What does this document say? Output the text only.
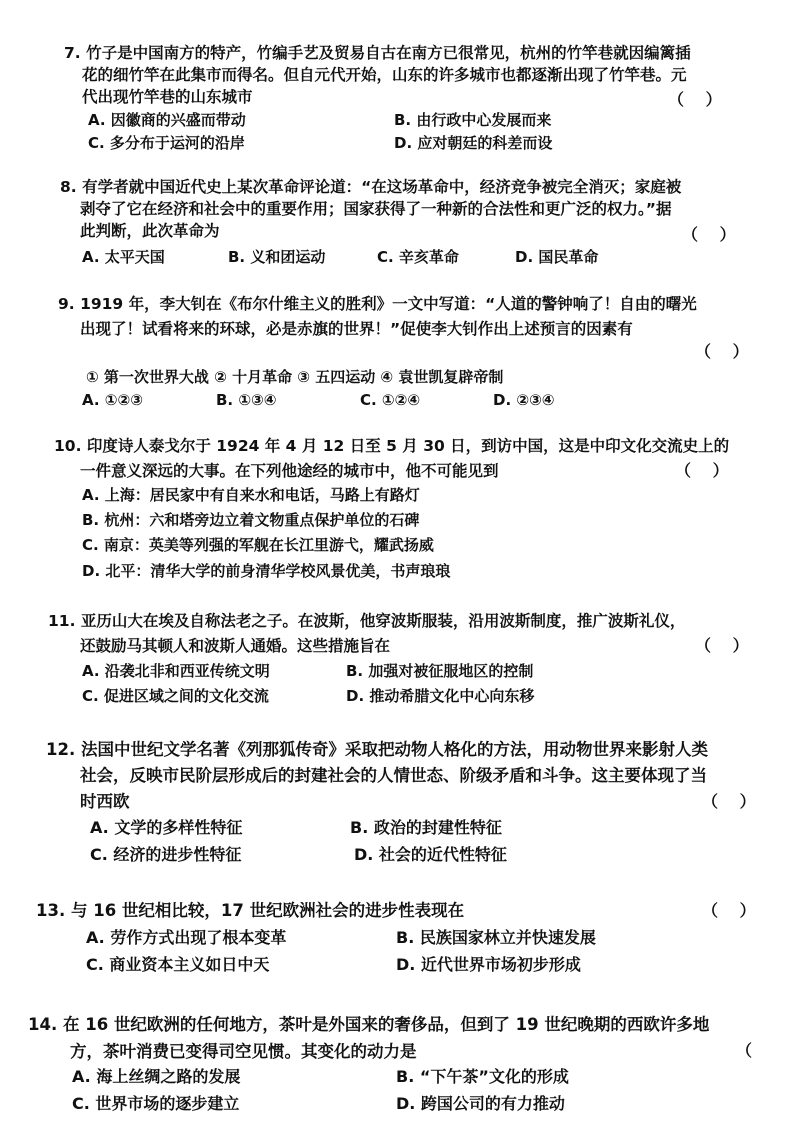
7. 竹子是中国南方的特产，竹编手艺及贸易自古在南方已很常见，杭州的竹竿巷就因编篱插
花的细竹竿在此集市而得名。但自元代开始，山东的许多城市也都逐渐出现了竹竿巷。元
代出现竹竿巷的山东城市	（　 ）
A. 因徽商的兴盛而带动	B. 由行政中心发展而来
C. 多分布于运河的沿岸	D. 应对朝廷的科差而设
8. 有学者就中国近代史上某次革命评论道：“在这场革命中，经济竞争被完全消灭；家庭被
剥夺了它在经济和社会中的重要作用；国家获得了一种新的合法性和更广泛的权力。”据
此判断，此次革命为	（　 ）
A. 太平天国	B. 义和团运动	C. 辛亥革命	D. 国民革命
9. 1919 年，李大钊在《布尔什维主义的胜利》一文中写道：“人道的警钟响了！自由的曙光
出现了！试看将来的环球，必是赤旗的世界！”促使李大钊作出上述预言的因素有
（　 ）
① 第一次世界大战 ② 十月革命 ③ 五四运动 ④ 袁世凯复辟帝制
A. ①②③	B. ①③④	C. ①②④	D. ②③④
10. 印度诗人泰戈尔于 1924 年 4 月 12 日至 5 月 30 日，到访中国，这是中印文化交流史上的
一件意义深远的大事。在下列他途经的城市中，他不可能见到	（　 ）
A. 上海：居民家中有自来水和电话，马路上有路灯
B. 杭州：六和塔旁边立着文物重点保护单位的石碑
C. 南京：英美等列强的军舰在长江里游弋，耀武扬威
D. 北平：清华大学的前身清华学校风景优美，书声琅琅
11. 亚历山大在埃及自称法老之子。在波斯，他穿波斯服装，沿用波斯制度，推广波斯礼仪，
还鼓励马其顿人和波斯人通婚。这些措施旨在	（　 ）
A. 沿袭北非和西亚传统文明	B. 加强对被征服地区的控制
C. 促进区域之间的文化交流	D. 推动希腊文化中心向东移
12. 法国中世纪文学名著《列那狐传奇》采取把动物人格化的方法，用动物世界来影射人类
社会，反映市民阶层形成后的封建社会的人情世态、阶级矛盾和斗争。这主要体现了当
时西欧	（　 ）
A. 文学的多样性特征	B. 政治的封建性特征
C. 经济的进步性特征	D. 社会的近代性特征
13. 与 16 世纪相比较，17 世纪欧洲社会的进步性表现在	（　 ）
A. 劳作方式出现了根本变革	B. 民族国家林立并快速发展
C. 商业资本主义如日中天	D. 近代世界市场初步形成
14. 在 16 世纪欧洲的任何地方，茶叶是外国来的奢侈品，但到了 19 世纪晚期的西欧许多地
方，茶叶消费已变得司空见惯。其变化的动力是	（
A. 海上丝绸之路的发展	B. “下午茶”文化的形成
C. 世界市场的逐步建立	D. 跨国公司的有力推动
